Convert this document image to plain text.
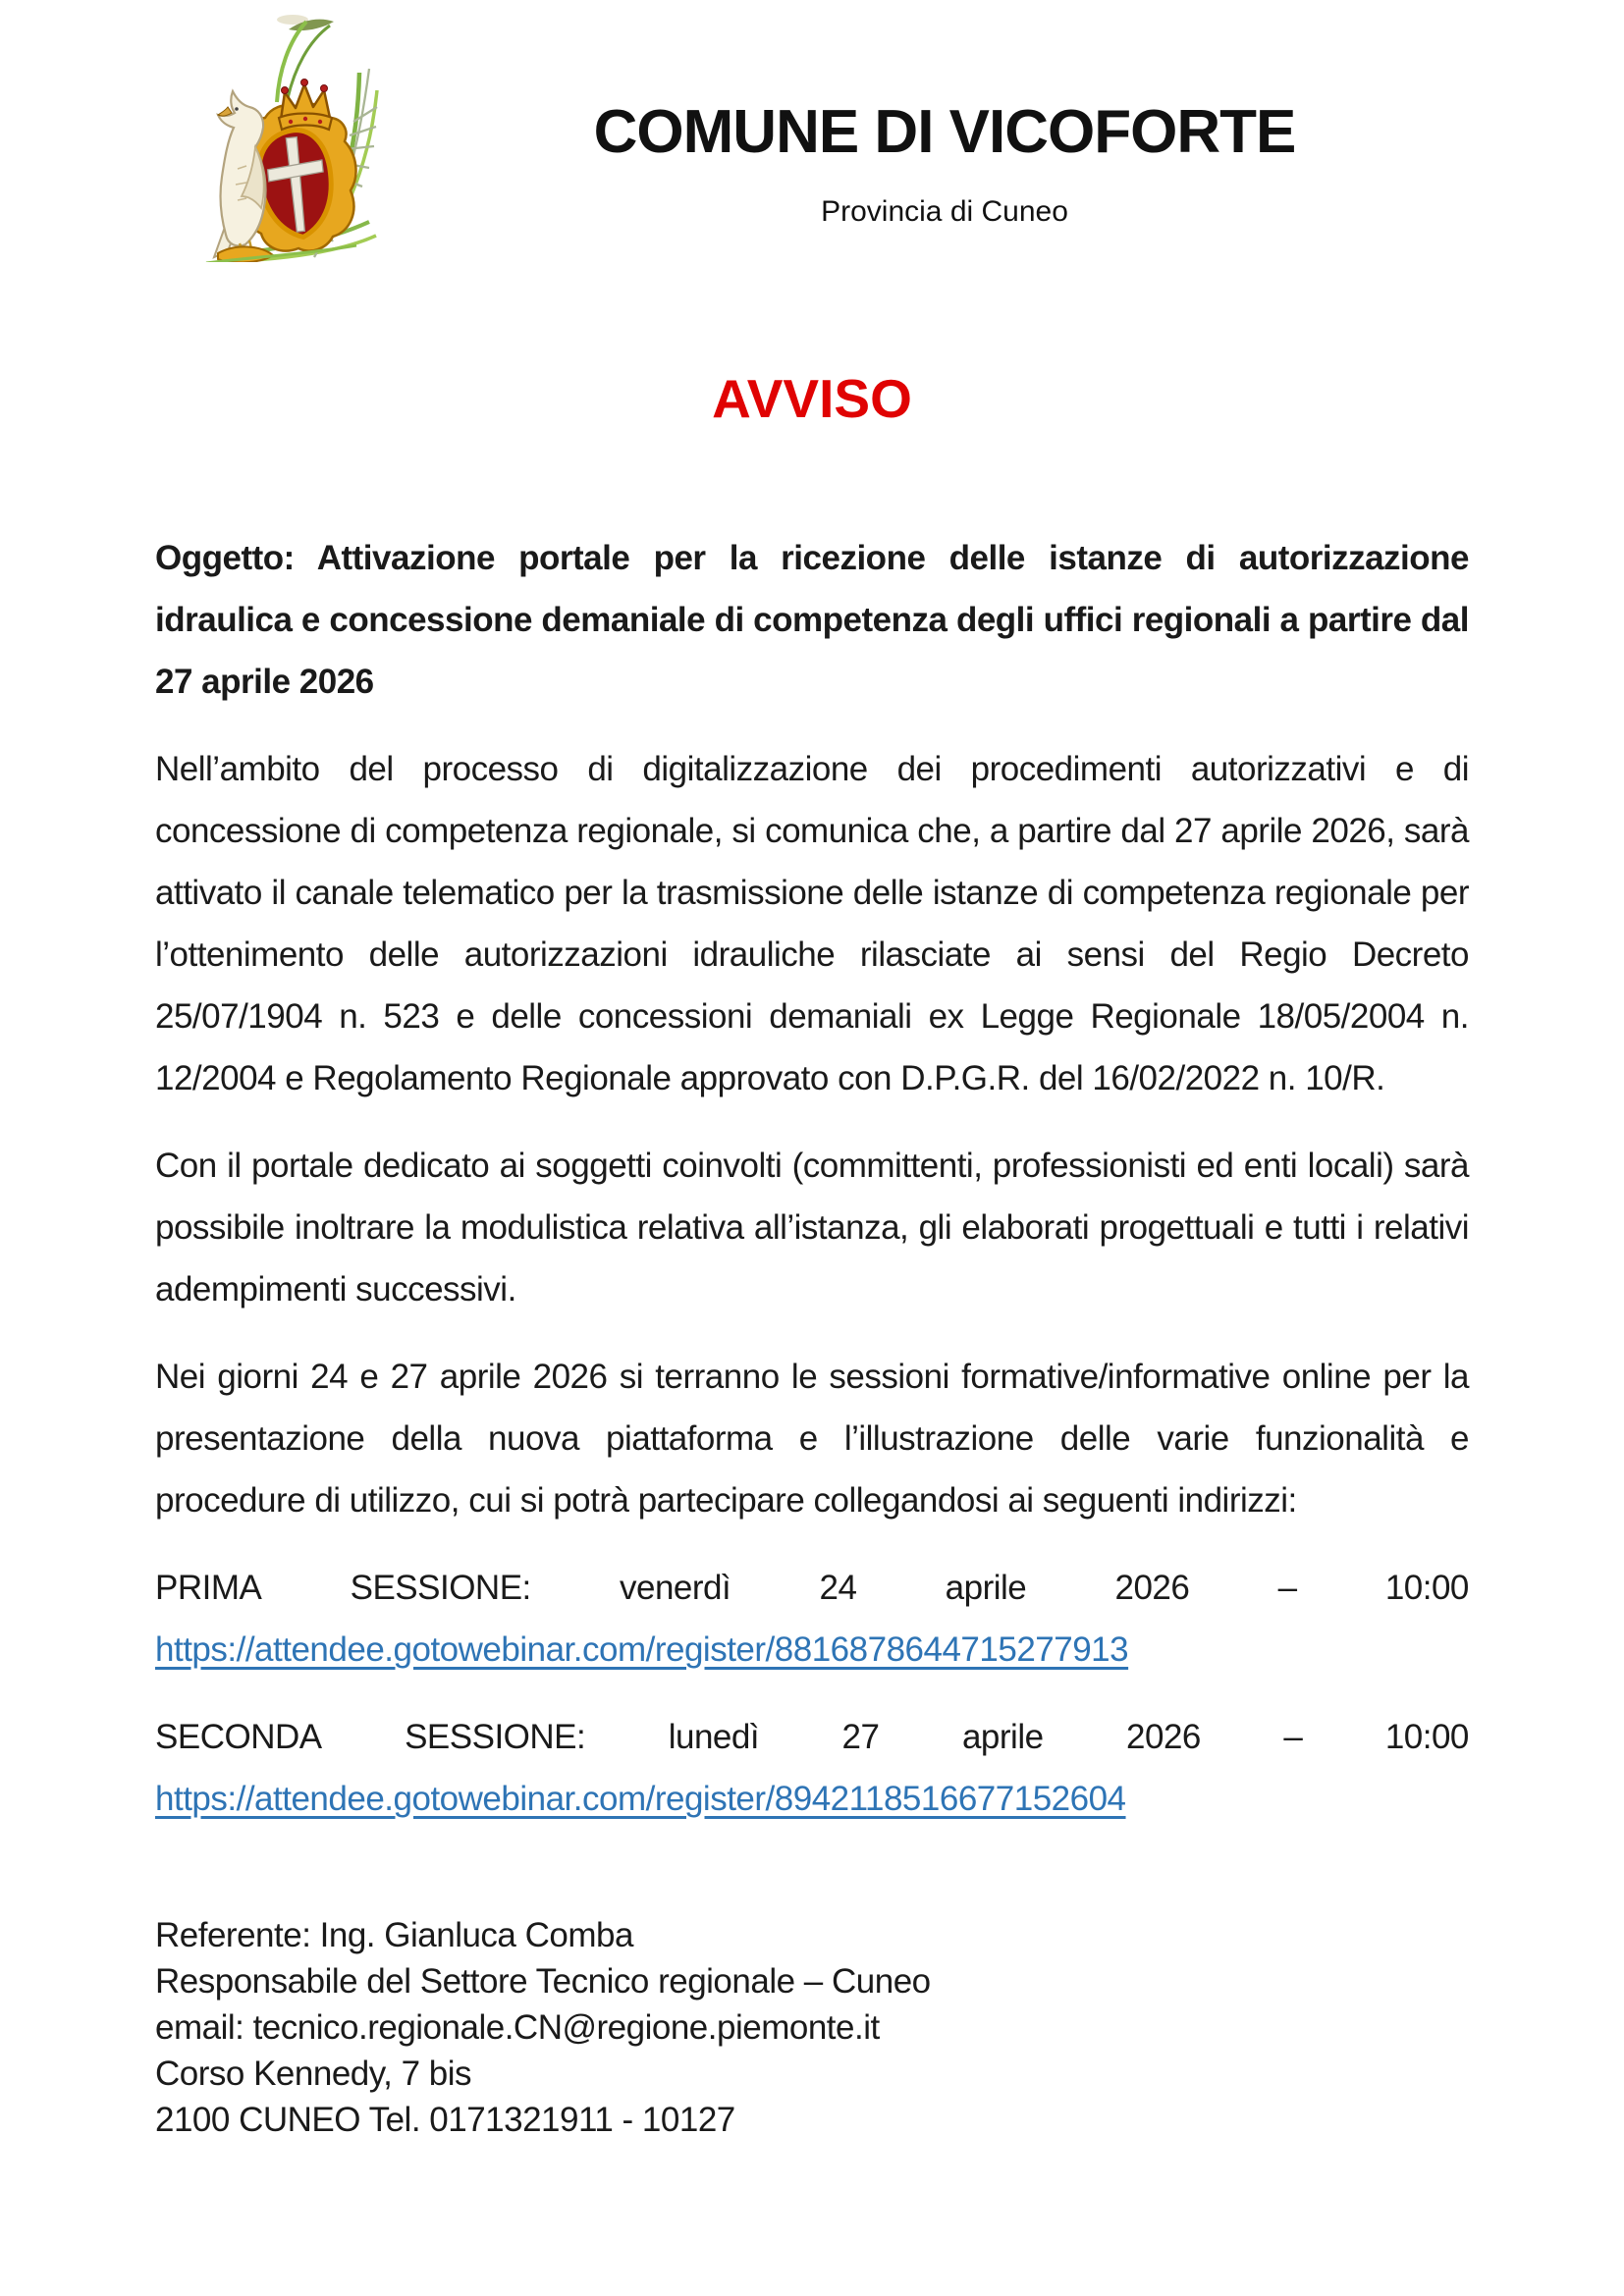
COMUNE DI VICOFORTE
Provincia di Cuneo
AVVISO

Oggetto: Attivazione portale per la ricezione delle istanze di autorizzazione idraulica e concessione demaniale di competenza degli uffici regionali a partire dal 27 aprile 2026

Nell’ambito del processo di digitalizzazione dei procedimenti autorizzativi e di concessione di competenza regionale, si comunica che, a partire dal 27 aprile 2026, sarà attivato il canale telematico per la trasmissione delle istanze di competenza regionale per l’ottenimento delle autorizzazioni idrauliche rilasciate ai sensi del Regio Decreto 25/07/1904 n. 523 e delle concessioni demaniali ex Legge Regionale 18/05/2004 n. 12/2004 e Regolamento Regionale approvato con D.P.G.R. del 16/02/2022 n. 10/R.

Con il portale dedicato ai soggetti coinvolti (committenti, professionisti ed enti locali) sarà possibile inoltrare la modulistica relativa all’istanza, gli elaborati progettuali e tutti i relativi adempimenti successivi.

Nei giorni 24 e 27 aprile 2026 si terranno le sessioni formative/informative online per la presentazione della nuova piattaforma e l’illustrazione delle varie funzionalità e procedure di utilizzo, cui si potrà partecipare collegandosi ai seguenti indirizzi:

PRIMA	SESSIONE:	venerdì	24	aprile	2026	–	10:00
https://attendee.gotowebinar.com/register/8816878644715277913
SECONDA SESSIONE: lunedì 27 aprile 2026 – 10:00
https://attendee.gotowebinar.com/register/8942118516677152604
Referente: Ing. Gianluca Comba
Responsabile del Settore Tecnico regionale – Cuneo
email: tecnico.regionale.CN@regione.piemonte.it
Corso Kennedy, 7 bis
2100 CUNEO Tel. 0171321911 - 10127
